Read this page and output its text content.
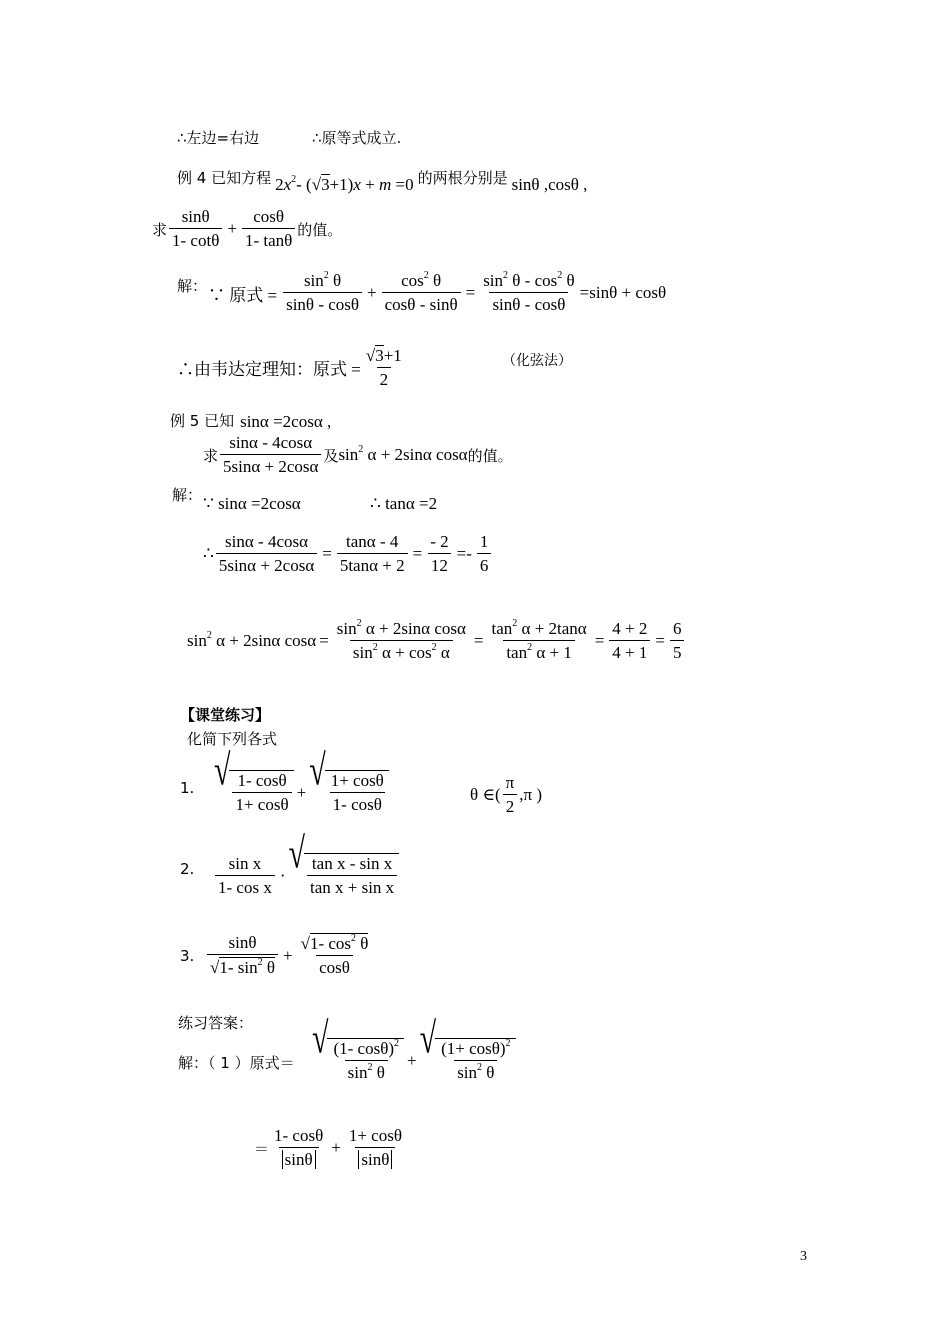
∴左边=右边	∴原等式成立.
例 4 已知方程 $2x^2-$ ( √ 3 +1)x + m =0 的两根分别是 sinθ ,cosθ ,
求 $\frac{\sin\theta}{1- \cot\theta} + \frac{\cos\theta}{1- \tan\theta}$ 的值。
解： ∵ 原式 = $\frac{\sin^2 \theta}{\sin\theta - \cos\theta} + \frac{\cos^2 \theta}{\cos\theta - \sin\theta} = \frac{\sin^2 \theta - \cos^2 \theta}{\sin\theta - \cos\theta} =\sin\theta + \cos\theta$
∴由韦达定理知：原式 = $\frac{√ 3 +1}{2}$	（化弦法）
例 5 已知 sinα =2cosα ,
求 $\frac{\sin\alpha - 4\cos\alpha}{5\sin\alpha + 2\cos\alpha}$ 及 $\sin^2 \alpha + 2\sin\alpha$ cosα 的值。
解： ∵ sinα =2cosα	∴ tanα =2
∴ $\frac{\sin\alpha - 4\cos\alpha}{5\sin\alpha + 2\cos\alpha} = \frac{\tan\alpha - 4}{5\tan\alpha + 2} = \frac{- 2}{12} =- \frac{1}{6}$
$\sin^2 \alpha + 2\sin\alpha$ $\cos\alpha = \frac{\sin^2 \alpha + 2\sin\alpha \cos\alpha}{\sin^2 \alpha + \cos^2 \alpha} = \frac{\tan^2 \alpha + 2\tan\alpha}{\tan^2 \alpha + 1} = \frac{4 + 2}{4 + 1} = \frac{6}{5}$
【课堂练习】
化简下列各式
1. √ $\frac{1- \cos\theta}{1+ \cos\theta}$ + √ $\frac{1+ \cos\theta}{1- \cos\theta}$	θ ∈( $\frac{\pi}{2} ,\pi$ )
2. $\frac{\text{sin x}}{\text{1- cos x}}$ · √ $\frac{\text{tan x - sin x}}{\text{tan x + sin x}}$
3. $\frac{\sin\theta}{√ 1- \sin^2 \theta} + \frac{√ 1- \cos^2 \theta}{\cos\theta}$
练习答案：
解：（ 1 ）原式＝
√ $\frac{(1- \cos\theta)^2}{\sin^2 \theta}$ + √ $\frac{(1+ \cos\theta)^2}{\sin^2 \theta}$
＝ $\frac{1- \cos\theta}{\sin\theta} + \frac{1+ \cos\theta}{\sin\theta}$
3
